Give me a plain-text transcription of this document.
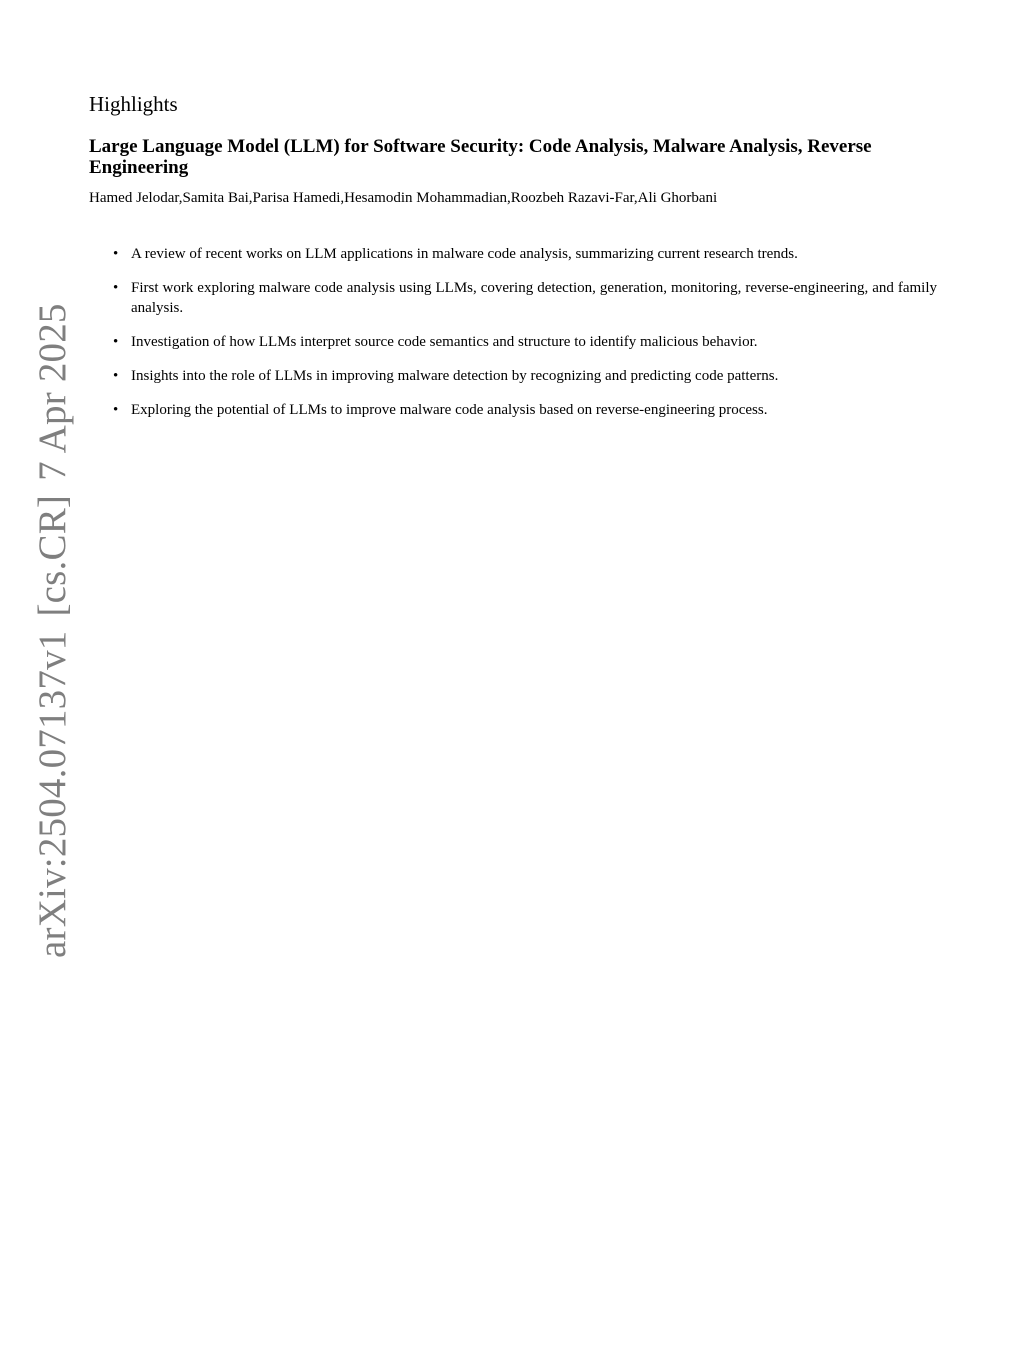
arXiv:2504.07137v1[cs.CR]7 Apr 2025
Highlights
Large Language Model (LLM) for Software Security: Code Analysis, Malware Analysis, Reverse Engineering
Hamed Jelodar,Samita Bai,Parisa Hamedi,Hesamodin Mohammadian,Roozbeh Razavi-Far,Ali Ghorbani
• A review of recent works on LLM applications in malware code analysis, summarizing current research trends.
• First work exploring malware code analysis using LLMs, covering detection, generation, monitoring, reverse-engineering, and family analysis.
• Investigation of how LLMs interpret source code semantics and structure to identify malicious behavior.
• Insights into the role of LLMs in improving malware detection by recognizing and predicting code patterns.
• Exploring the potential of LLMs to improve malware code analysis based on reverse-engineering process.
